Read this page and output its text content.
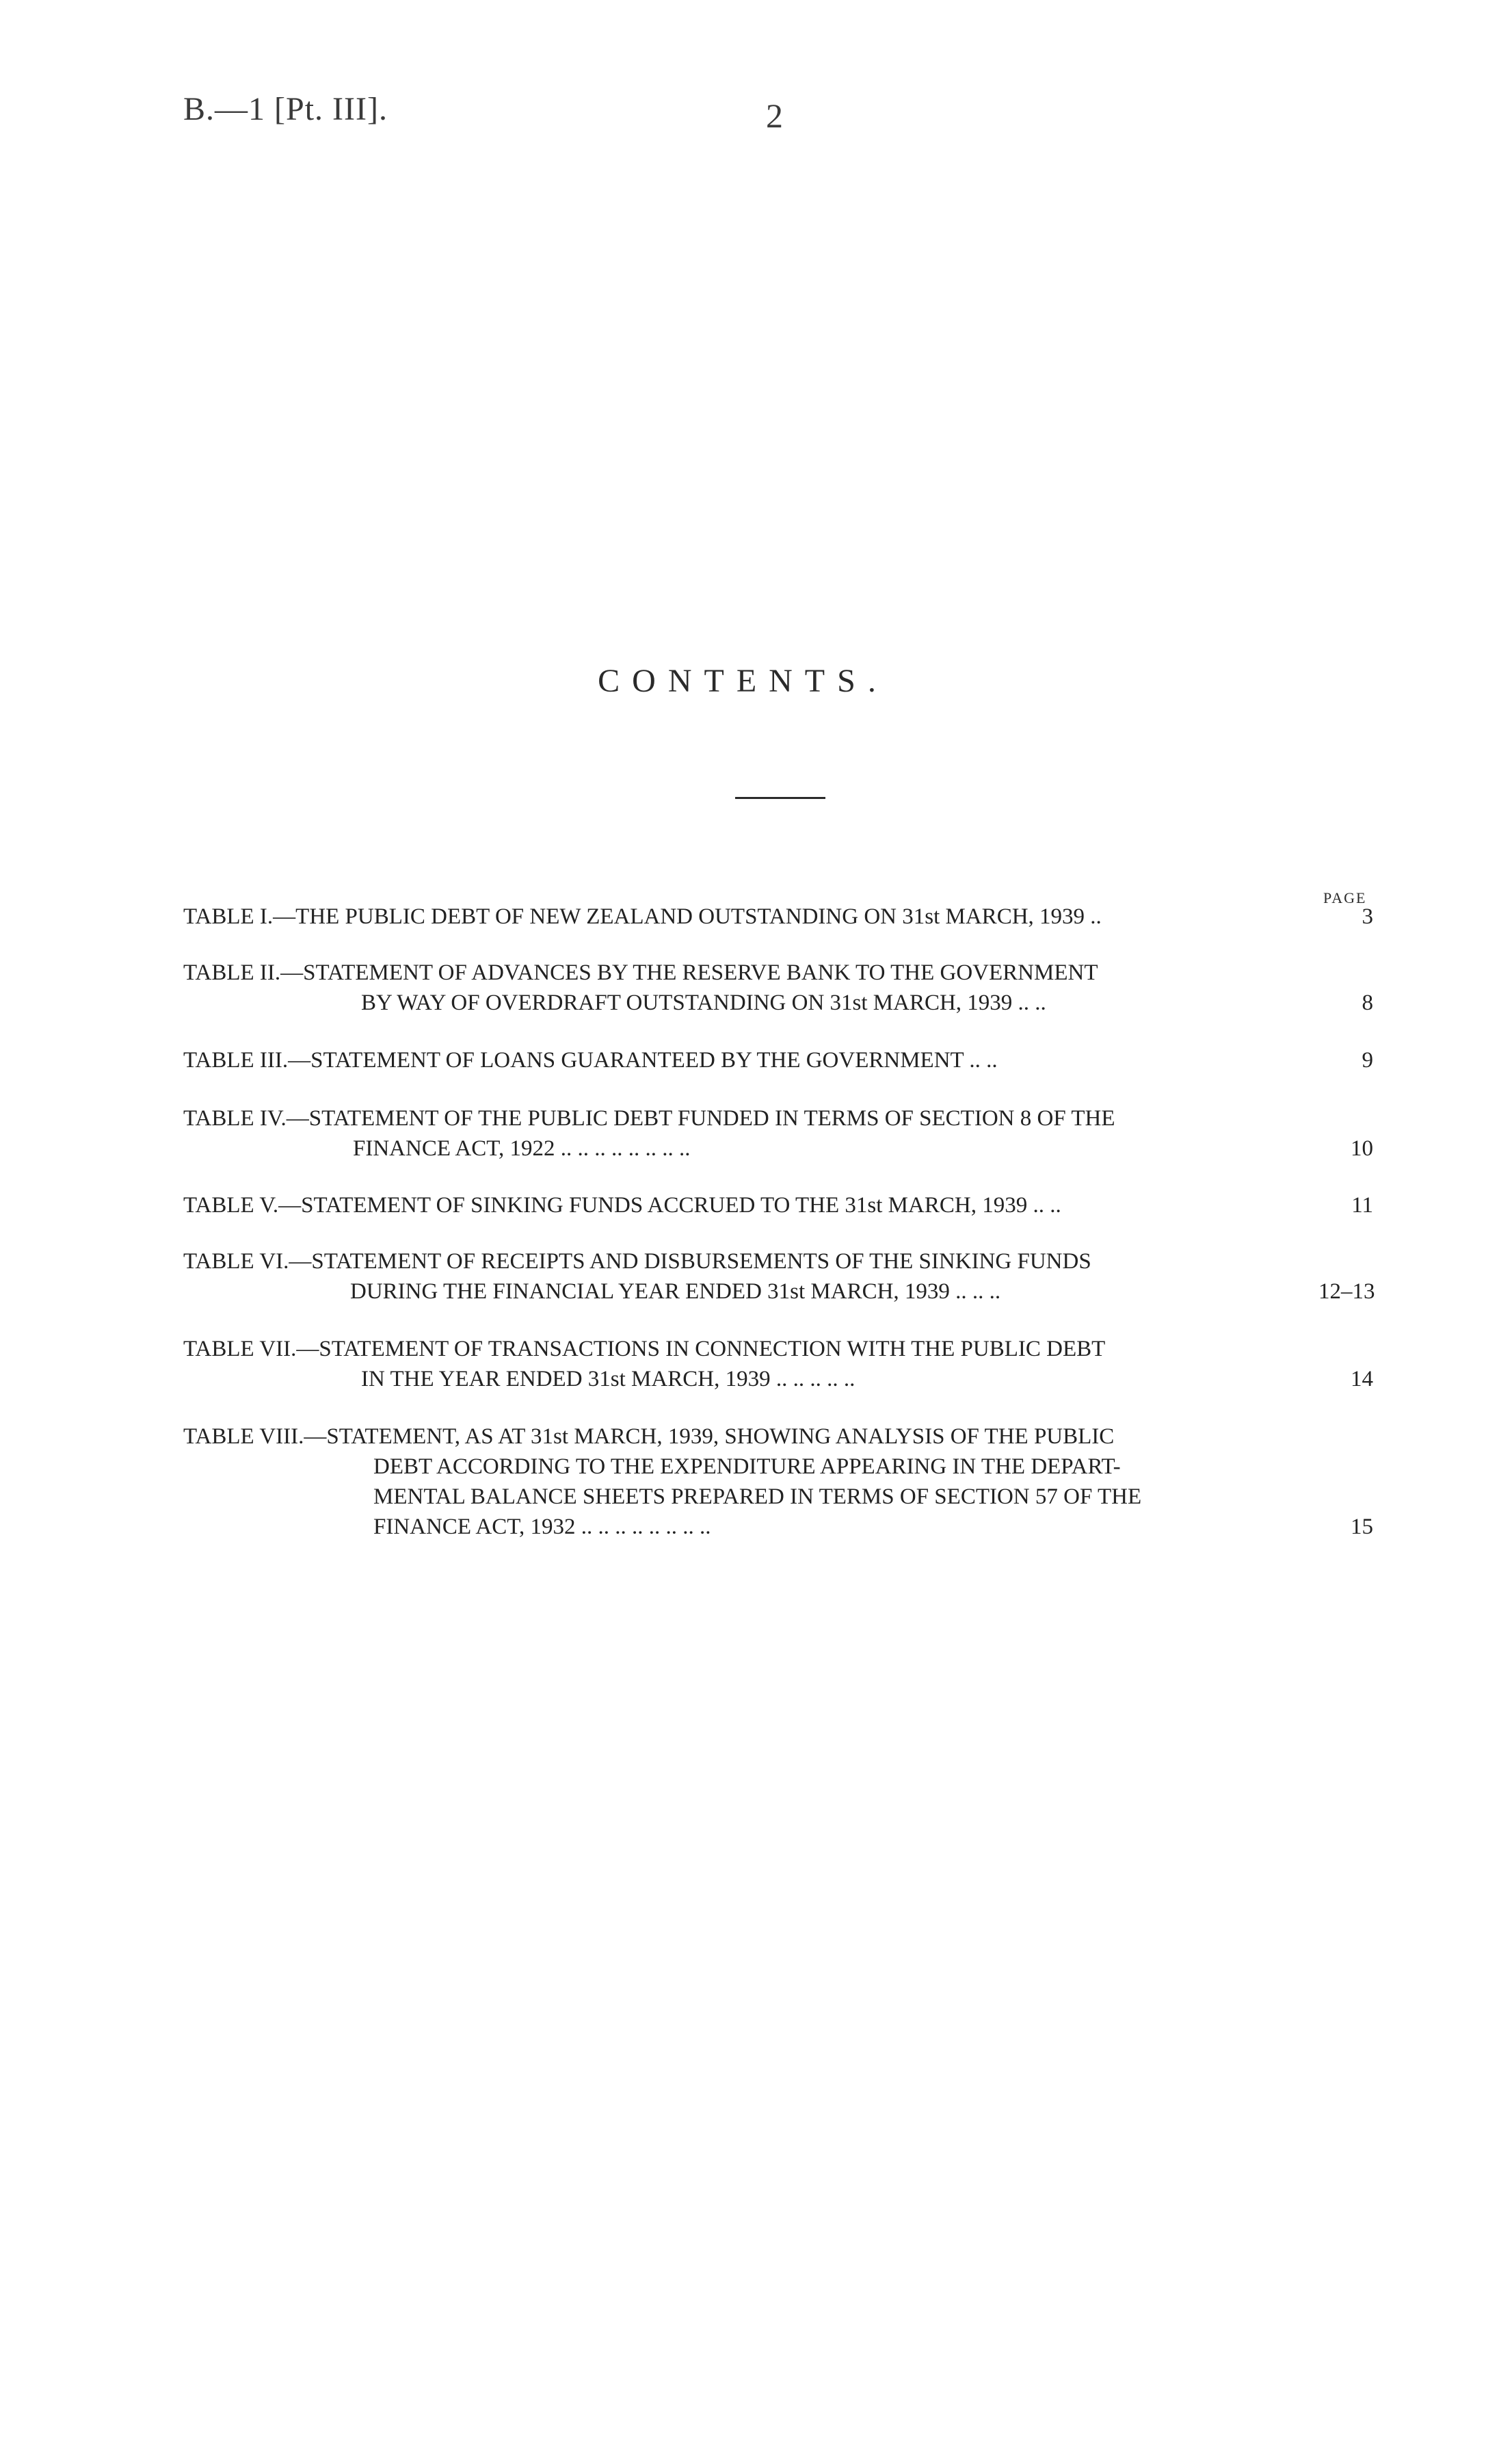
B.—1 [Pt. III].	2
CONTENTS.
PAGE
TABLE I.—THE PUBLIC DEBT OF NEW ZEALAND OUTSTANDING ON 31st MARCH, 1939 ..	3
TABLE II.—STATEMENT OF ADVANCES BY THE RESERVE BANK TO THE GOVERNMENT
BY WAY OF OVERDRAFT OUTSTANDING ON 31st MARCH, 1939 .. ..	8
TABLE III.—STATEMENT OF LOANS GUARANTEED BY THE GOVERNMENT .. ..	9
TABLE IV.—STATEMENT OF THE PUBLIC DEBT FUNDED IN TERMS OF SECTION 8 OF THE
FINANCE ACT, 1922 .. .. .. .. .. .. .. ..	10
TABLE V.—STATEMENT OF SINKING FUNDS ACCRUED TO THE 31st MARCH, 1939 .. ..	11
TABLE VI.—STATEMENT OF RECEIPTS AND DISBURSEMENTS OF THE SINKING FUNDS
DURING THE FINANCIAL YEAR ENDED 31st MARCH, 1939 .. .. ..	12–13
TABLE VII.—STATEMENT OF TRANSACTIONS IN CONNECTION WITH THE PUBLIC DEBT
IN THE YEAR ENDED 31st MARCH, 1939 .. .. .. .. ..	14
TABLE VIII.—STATEMENT, AS AT 31st MARCH, 1939, SHOWING ANALYSIS OF THE PUBLIC
DEBT ACCORDING TO THE EXPENDITURE APPEARING IN THE DEPART-
MENTAL BALANCE SHEETS PREPARED IN TERMS OF SECTION 57 OF THE
FINANCE ACT, 1932 .. .. .. .. .. .. .. ..	15
